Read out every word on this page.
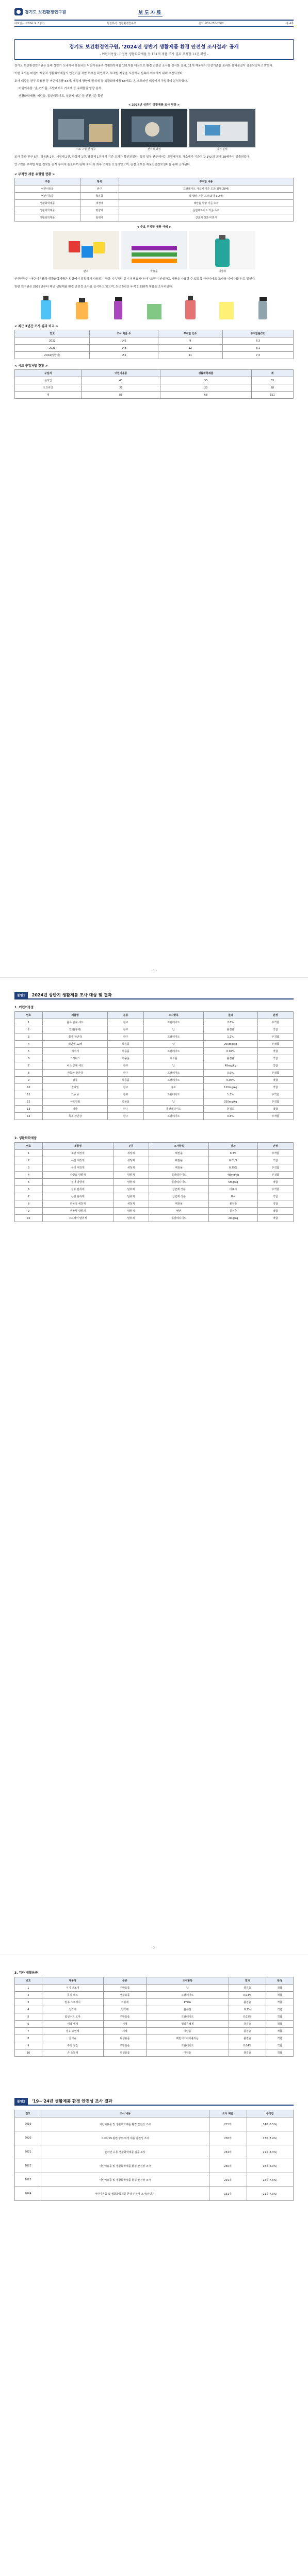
경기도 보건환경연구원	보도자료
배포일시: 2024. 9. 3.(화)	담당부서: 생활환경연구부	문의: 031-250-2500	총 4쪽
경기도 보건환경연구원, '2024년 상반기 생활제품 환경 안전성 조사결과' 공개
- 어린이용품, 가정용 생활화학제품 등 151개 제품 조사 결과 부적합 11건 확인 -

경기도 보건환경연구원은 올해 상반기 도내에서 유통되는 어린이용품과 생활화학제품 151개를 대상으로 환경 안전성 조사를 실시한 결과, 11개 제품에서 안전기준을 초과한 유해물질이 검출되었다고 밝혔다.

이번 조사는 어린이 제품과 생활화학제품의 안전기준 적합 여부를 확인하고, 부적합 제품을 시장에서 신속히 회수하기 위해 추진되었다.

조사 대상은 완구·학용품 등 어린이용품 83개, 세정제·방향제·탈취제 등 생활화학제품 68개로, 온·오프라인 매장에서 구입하여 분석하였다.

어린이용품: 납, 카드뮴, 프탈레이트 가소제 등 유해물질 함량 분석

생활화학제품: 메탄올, 폼알데하이드, 살균제 성분 등 안전기준 확인

< 2024년 상반기 생활제품 조사 현장 >
시료 구입 및 접수	전처리 과정	기기 분석

조사 결과 완구 5건, 학용품 2건, 세정제 2건, 방향제 1건, 탈취제 1건에서 기준 초과가 확인되었다. 특히 일부 완구에서는 프탈레이트 가소제가 기준치(0.1%)의 최대 28배까지 검출되었다.

연구원은 부적합 제품 정보를 관계 부처에 통보하여 판매 중지 및 회수 조치를 요청하였으며, 관련 정보는 제품안전정보센터를 통해 공개된다.

< 부적합 제품 유형별 현황 >
구분	항목	부적합 내용
어린이용품	완구	프탈레이트 가소제 기준 초과(최대 28배)
어린이용품	학용품	납 함량 기준 초과(최대 3.2배)
생활화학제품	세정제	메탄올 함량 기준 초과
생활화학제품	방향제	폼알데하이드 기준 초과
생활화학제품	탈취제	살균제 성분 미표시
< 주요 부적합 제품 사례 >
완구	학용품	세정제

연구원장은 "어린이용품과 생활화학제품은 일상에서 밀접하게 사용되는 만큼 지속적인 감시가 필요하다"며 "도민이 안심하고 제품을 사용할 수 있도록 하반기에도 조사를 이어가겠다"고 말했다.

한편 연구원은 2019년부터 매년 생활제품 환경 안전성 조사를 실시하고 있으며, 최근 5년간 누적 1,250개 제품을 조사하였다.

< 최근 3년간 조사 결과 비교 >
연도	조사 제품 수	부적합 건수	부적합률(%)
2022	142	9	6.3
2023	148	12	8.1
2024(상반기)	151	11	7.3
< 시료 구입처별 현황 >
구입처	어린이용품	생활화학제품	계
온라인	48	35	83
오프라인	35	33	68
계	83	68	151
- 1 -
붙임1	2024년 상반기 생활제품 조사 대상 및 결과
1. 어린이용품
번호	제품명	분류	조사항목	결과	판정
1	블록 완구 세트	완구	프탈레이트	2.8%	부적합
2	인형(봉제)	완구	납	불검출	적합
3	물총 장난감	완구	프탈레이트	1.2%	부적합
4	색연필 12색	학용품	납	290mg/kg	부적합
5	지우개	학용품	프탈레이트	0.02%	적합
6	크레파스	학용품	카드뮴	불검출	적합
7	비즈 공예 세트	완구	납	45mg/kg	적합
8	자동차 장난감	완구	프탈레이트	0.9%	부적합
9	필통	학용품	프탈레이트	0.05%	적합
10	슬라임	완구	붕소	120mg/kg	적합
11	고무 공	완구	프탈레이트	1.5%	부적합
12	샤프연필	학용품	납	320mg/kg	부적합
13	퍼즐	완구	폼알데하이드	불검출	적합
14	목욕 장난감	완구	프탈레이트	0.6%	부적합
2. 생활화학제품
번호	제품명	분류	조사항목	결과	판정
1	주방 세정제	세정제	메탄올	0.3%	부적합
2	욕실 세정제	세정제	메탄올	0.01%	적합
3	유리 세정제	세정제	메탄올	0.25%	부적합
4	차량용 방향제	방향제	폼알데하이드	48mg/kg	부적합
5	실내 방향제	방향제	폼알데하이드	5mg/kg	적합
6	섬유 탈취제	탈취제	살균제 성분	미표시	부적합
7	신발 탈취제	탈취제	살균제 성분	표시	적합
8	다목적 세정제	세정제	메탄올	불검출	적합
9	캔들형 방향제	방향제	벤젠	불검출	적합
10	스프레이 탈취제	탈취제	폼알데하이드	2mg/kg	적합
- 2 -
3. 기타 생활용품
번호	제품명	분류	조사항목	결과	판정
1	식기 건조대	주방용품	납	불검출	적합
2	욕실 매트	생활용품	프탈레이트	0.03%	적합
3	방수 스프레이	코팅제	PFOA	불검출	적합
4	접착제	접착제	톨루엔	0.1%	적합
5	합성수지 도마	주방용품	프탈레이트	0.02%	적합
6	세탁 세제	세제	형광증백제	불검출	적합
7	섬유 유연제	세제	메탄올	불검출	적합
8	물티슈	위생용품	메틸이소티아졸리논	불검출	적합
9	주방 장갑	주방용품	프탈레이트	0.04%	적합
10	손 소독제	위생용품	메탄올	불검출	적합
붙임2	'19~'24년 생활제품 환경 안전성 조사 결과
연도	조사 내용	조사 제품	부적합
2019	어린이용품 및 생활화학제품 환경 안전성 조사	215개	14개(6.5%)
2020	코로나19 관련 방역·위생 제품 안전성 조사	230개	17개(7.4%)
2021	온라인 유통 생활화학제품 집중 조사	254개	21개(8.3%)
2022	어린이용품 및 생활화학제품 환경 안전성 조사	260개	18개(6.9%)
2023	어린이용품 및 생활화학제품 환경 안전성 조사	291개	22개(7.6%)
2024	어린이용품 및 생활화학제품 환경 안전성 조사(상반기)	151개	11개(7.3%)
